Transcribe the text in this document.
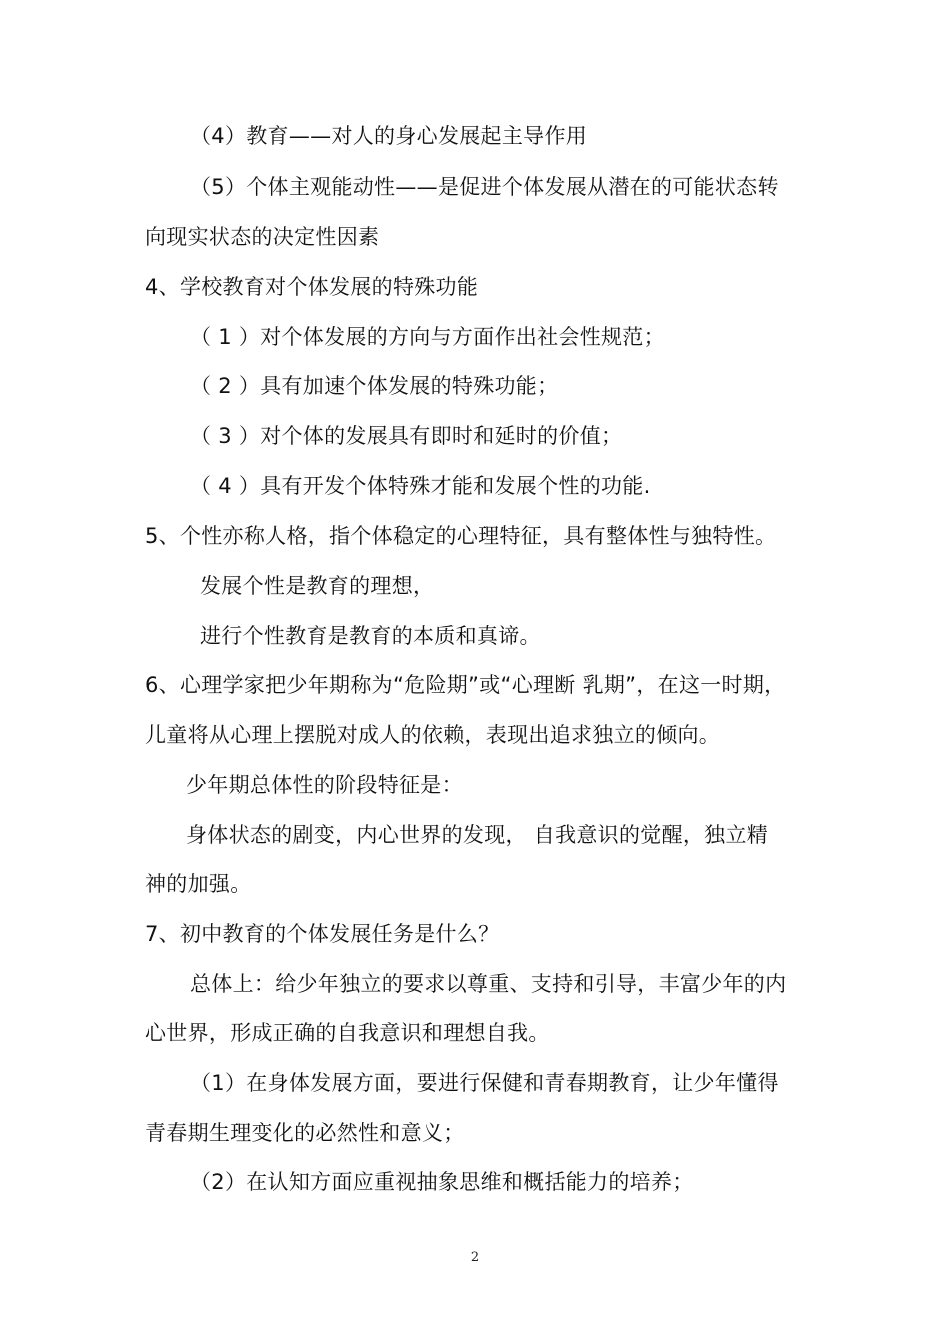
（4）教育——对人的身心发展起主导作用
（5）个体主观能动性——是促进个体发展从潜在的可能状态转
向现实状态的决定性因素
4、学校教育对个体发展的特殊功能
（ 1 ）对个体发展的方向与方面作出社会性规范；
（ 2 ）具有加速个体发展的特殊功能；
（ 3 ）对个体的发展具有即时和延时的价值；
（ 4 ）具有开发个体特殊才能和发展个性的功能.
5、个性亦称人格，指个体稳定的心理特征，具有整体性与独特性。
发展个性是教育的理想，
进行个性教育是教育的本质和真谛。
6、心理学家把少年期称为“危险期”或“心理断 乳期”，在这一时期，
儿童将从心理上摆脱对成人的依赖，表现出追求独立的倾向。
少年期总体性的阶段特征是：
身体状态的剧变，内心世界的发现， 自我意识的觉醒，独立精
神的加强。
7、初中教育的个体发展任务是什么？
总体上：给少年独立的要求以尊重、支持和引导，丰富少年的内
心世界，形成正确的自我意识和理想自我。
（1）在身体发展方面，要进行保健和青春期教育，让少年懂得
青春期生理变化的必然性和意义；
（2）在认知方面应重视抽象思维和概括能力的培养；
2
